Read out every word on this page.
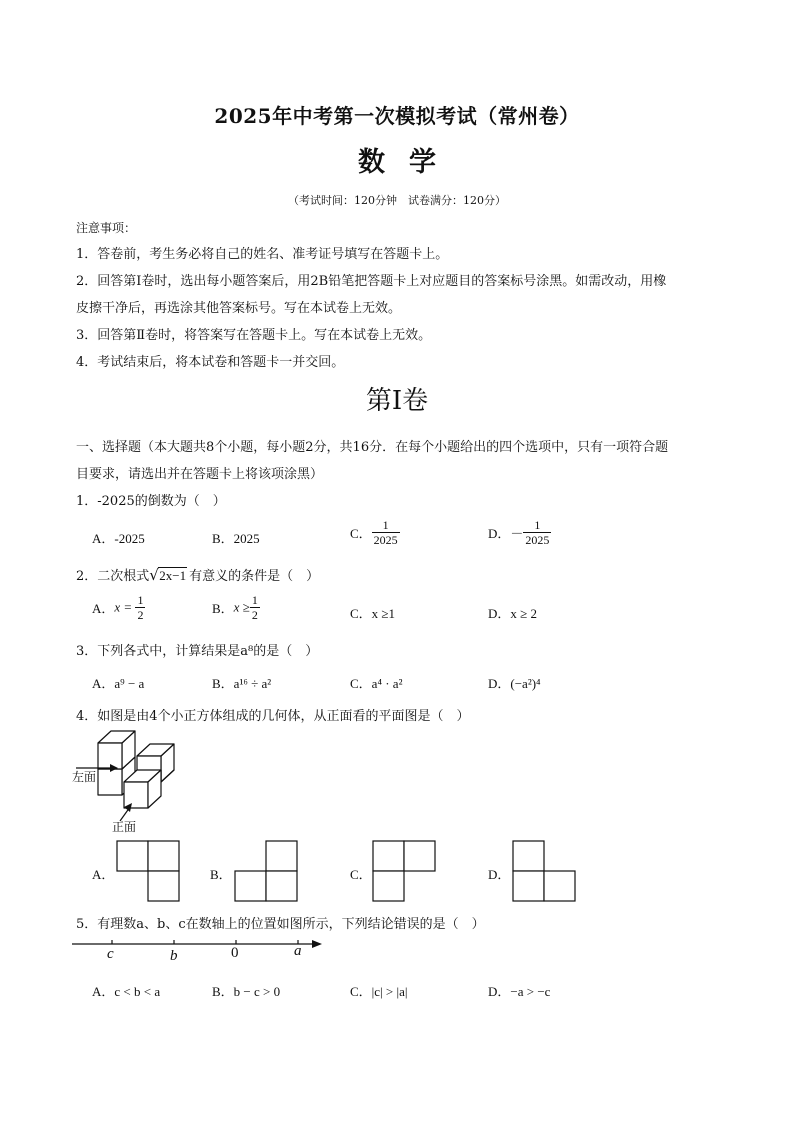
2025年中考第一次模拟考试（常州卷）
数学
（考试时间：120分钟　试卷满分：120分）
注意事项：
1．答卷前，考生务必将自己的姓名、准考证号填写在答题卡上。
2．回答第Ⅰ卷时，选出每小题答案后，用2B铅笔把答题卡上对应题目的答案标号涂黑。如需改动，用橡
皮擦干净后，再选涂其他答案标号。写在本试卷上无效。
3．回答第Ⅱ卷时，将答案写在答题卡上。写在本试卷上无效。
4．考试结束后，将本试卷和答题卡一并交回。
第Ⅰ卷
一、选择题（本大题共8个小题，每小题2分，共16分．在每个小题给出的四个选项中，只有一项符合题
目要求，请选出并在答题卡上将该项涂黑）
1．-2025的倒数为（　）
A．-2025	B．2025	C． $\frac{1}{2025}$	D．－ $\frac{1}{2025}$
2．二次根式 √ 2x−1 有意义的条件是（　）
A．$x = \frac{1}{2}$	B．$x \ge \frac{1}{2}$	C．x ≥1	D．x ≥ 2
3．下列各式中，计算结果是a⁸的是（　）
A．a⁹ − a	B．a¹⁶ ÷ a²	C．a⁴ · a²	D．(−a²)⁴
4．如图是由4个小正方体组成的几何体，从正面看的平面图是（　）
左面
正面
A．	B．	C．	D．
5．有理数a、b、c在数轴上的位置如图所示，下列结论错误的是（　）
c	b	0	a
A．c < b < a	B．b − c > 0	C．|c| > |a|	D．−a > −c
